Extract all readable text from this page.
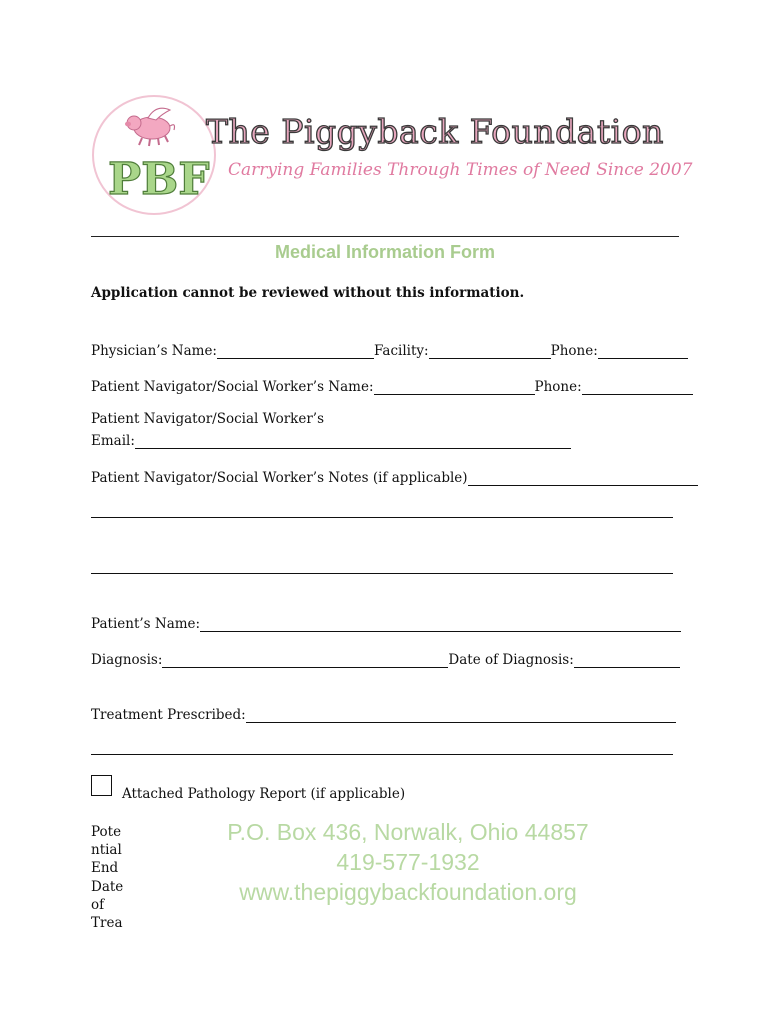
PBF
The Piggyback Foundation
Carrying Families Through Times of Need Since 2007
Medical Information Form
Application cannot be reviewed without this information.
Physician’s Name:	Facility:	Phone:
Patient Navigator/Social Worker’s Name:	Phone:
Patient Navigator/Social Worker’s
Email:
Patient Navigator/Social Worker’s Notes (if applicable)
Patient’s Name:
Diagnosis:	Date of Diagnosis:
Treatment Prescribed:
Attached Pathology Report (if applicable)
Pote
ntial
End
Date
of
Trea
P.O. Box 436, Norwalk, Ohio 44857
419-577-1932
www.thepiggybackfoundation.org
